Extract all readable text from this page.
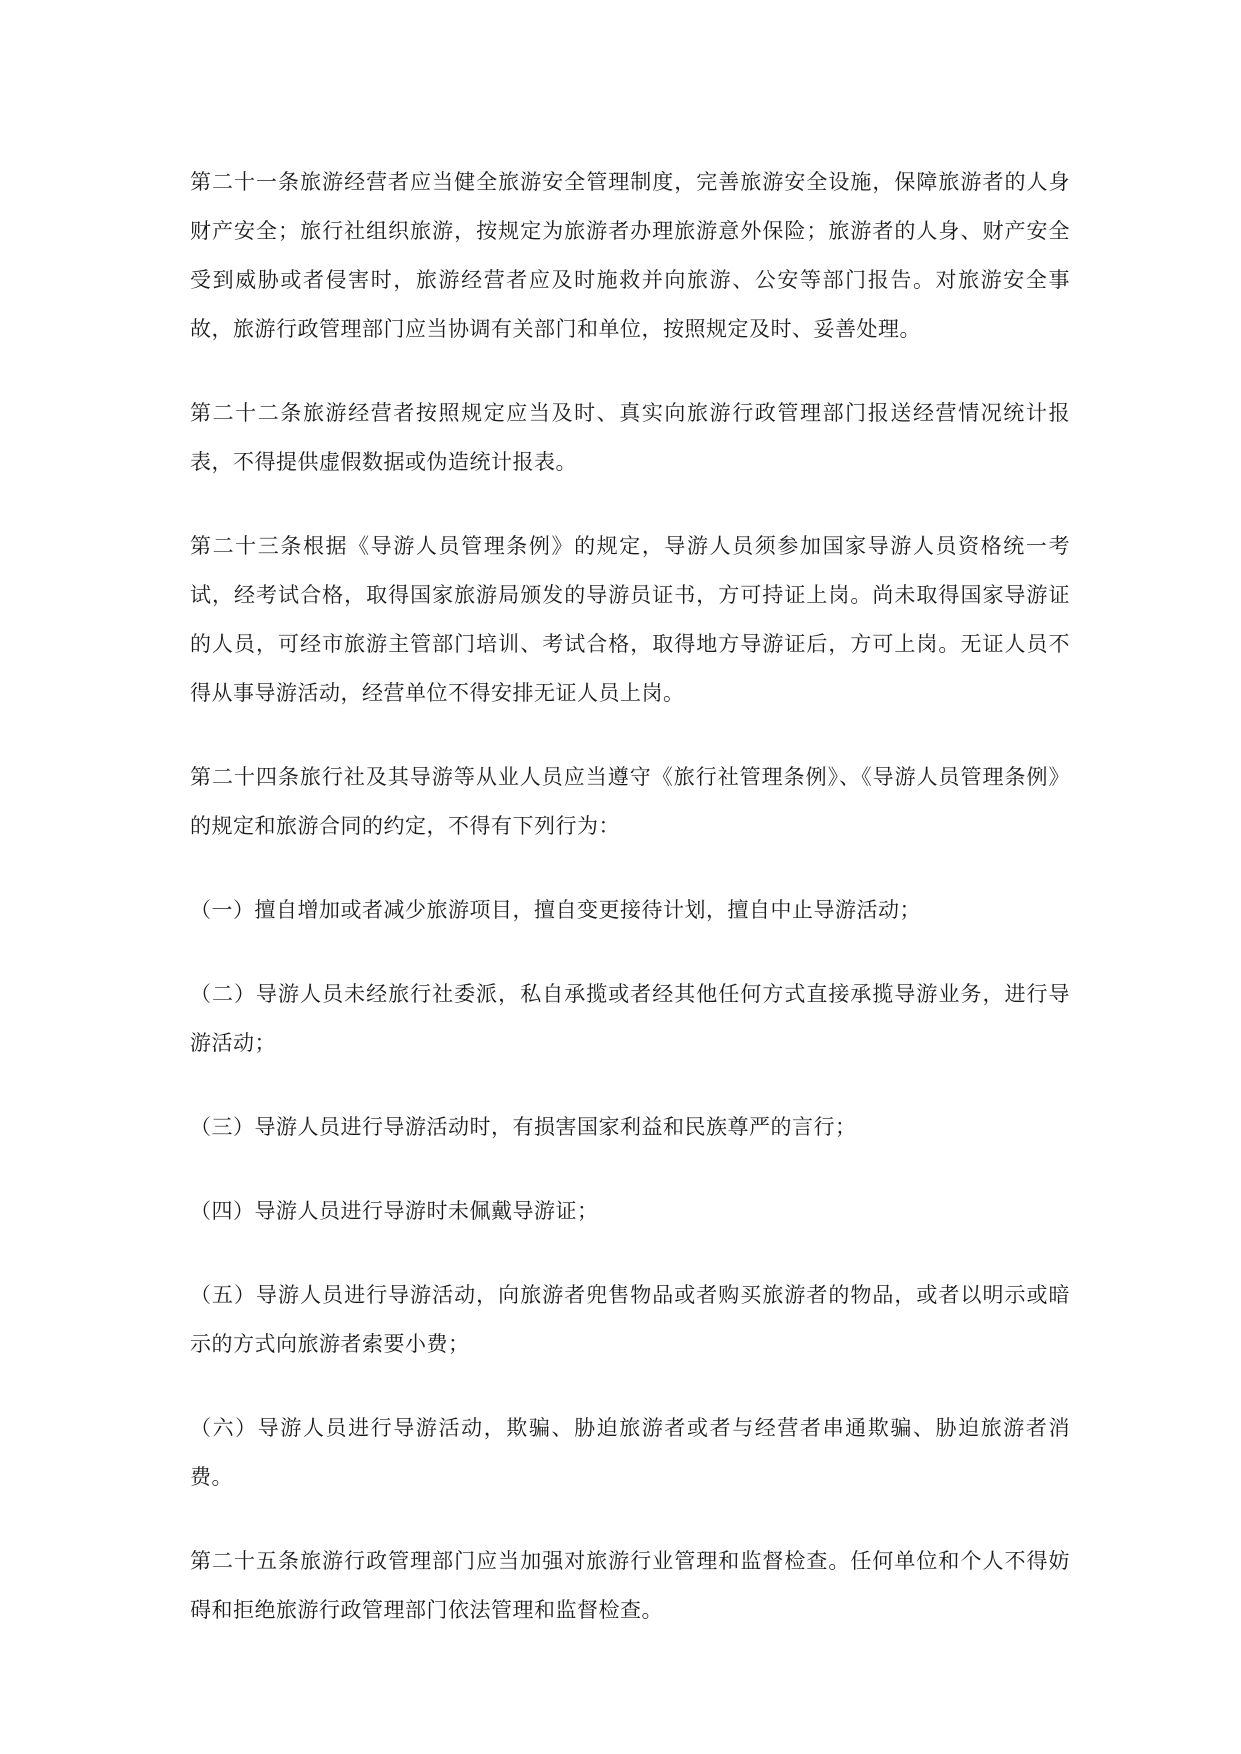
第二十一条旅游经营者应当健全旅游安全管理制度，完善旅游安全设施，保障旅游者的人身财产安全；旅行社组织旅游，按规定为旅游者办理旅游意外保险；旅游者的人身、财产安全受到威胁或者侵害时，旅游经营者应及时施救并向旅游、公安等部门报告。对旅游安全事故，旅游行政管理部门应当协调有关部门和单位，按照规定及时、妥善处理。

第二十二条旅游经营者按照规定应当及时、真实向旅游行政管理部门报送经营情况统计报表，不得提供虚假数据或伪造统计报表。

第二十三条根据《导游人员管理条例》的规定，导游人员须参加国家导游人员资格统一考试，经考试合格，取得国家旅游局颁发的导游员证书，方可持证上岗。尚未取得国家导游证的人员，可经市旅游主管部门培训、考试合格，取得地方导游证后，方可上岗。无证人员不得从事导游活动，经营单位不得安排无证人员上岗。

第二十四条旅行社及其导游等从业人员应当遵守《旅行社管理条例》、《导游人员管理条例》的规定和旅游合同的约定，不得有下列行为：

（一）擅自增加或者减少旅游项目，擅自变更接待计划，擅自中止导游活动；

（二）导游人员未经旅行社委派，私自承揽或者经其他任何方式直接承揽导游业务，进行导游活动；

（三）导游人员进行导游活动时，有损害国家利益和民族尊严的言行；

（四）导游人员进行导游时未佩戴导游证；

（五）导游人员进行导游活动，向旅游者兜售物品或者购买旅游者的物品，或者以明示或暗示的方式向旅游者索要小费；

（六）导游人员进行导游活动，欺骗、胁迫旅游者或者与经营者串通欺骗、胁迫旅游者消费。

第二十五条旅游行政管理部门应当加强对旅游行业管理和监督检查。任何单位和个人不得妨碍和拒绝旅游行政管理部门依法管理和监督检查。
